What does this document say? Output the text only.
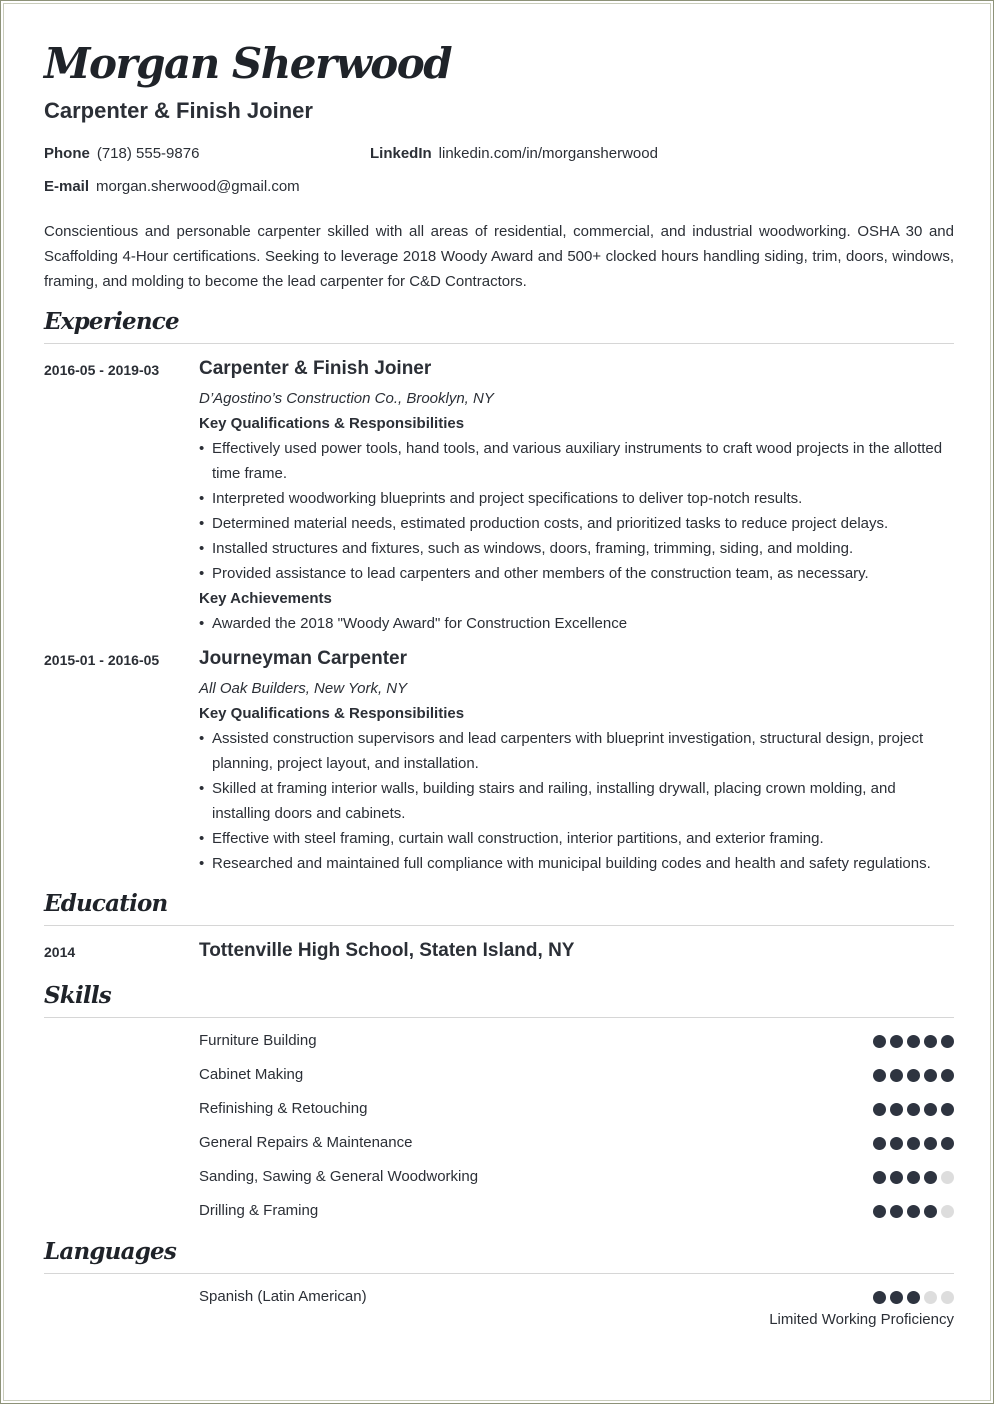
Morgan Sherwood
Carpenter & Finish Joiner
Phone (718) 555-9876	LinkedIn linkedin.com/in/morgansherwood
E-mail morgan.sherwood@gmail.com
Conscientious and personable carpenter skilled with all areas of residential, commercial, and industrial woodworking. OSHA 30 and Scaffolding 4-Hour certifications. Seeking to leverage 2018 Woody Award and 500+ clocked hours handling siding, trim, doors, windows, framing, and molding to become the lead carpenter for C&D Contractors.
Experience
2016-05 - 2019-03 Carpenter & Finish Joiner
D’Agostino’s Construction Co., Brooklyn, NY
Key Qualifications & Responsibilities
• Effectively used power tools, hand tools, and various auxiliary instruments to craft wood projects in the allotted time frame.
• Interpreted woodworking blueprints and project specifications to deliver top-notch results.
• Determined material needs, estimated production costs, and prioritized tasks to reduce project delays.
• Installed structures and fixtures, such as windows, doors, framing, trimming, siding, and molding.
• Provided assistance to lead carpenters and other members of the construction team, as necessary.
Key Achievements
• Awarded the 2018 "Woody Award" for Construction Excellence
2015-01 - 2016-05 Journeyman Carpenter
All Oak Builders, New York, NY
Key Qualifications & Responsibilities
• Assisted construction supervisors and lead carpenters with blueprint investigation, structural design, project planning, project layout, and installation.
• Skilled at framing interior walls, building stairs and railing, installing drywall, placing crown molding, and installing doors and cabinets.
• Effective with steel framing, curtain wall construction, interior partitions, and exterior framing.
• Researched and maintained full compliance with municipal building codes and health and safety regulations.
Education
2014	Tottenville High School, Staten Island, NY
Skills
Furniture Building
Cabinet Making
Refinishing & Retouching
General Repairs & Maintenance
Sanding, Sawing & General Woodworking
Drilling & Framing
Languages
Spanish (Latin American)
Limited Working Proficiency
